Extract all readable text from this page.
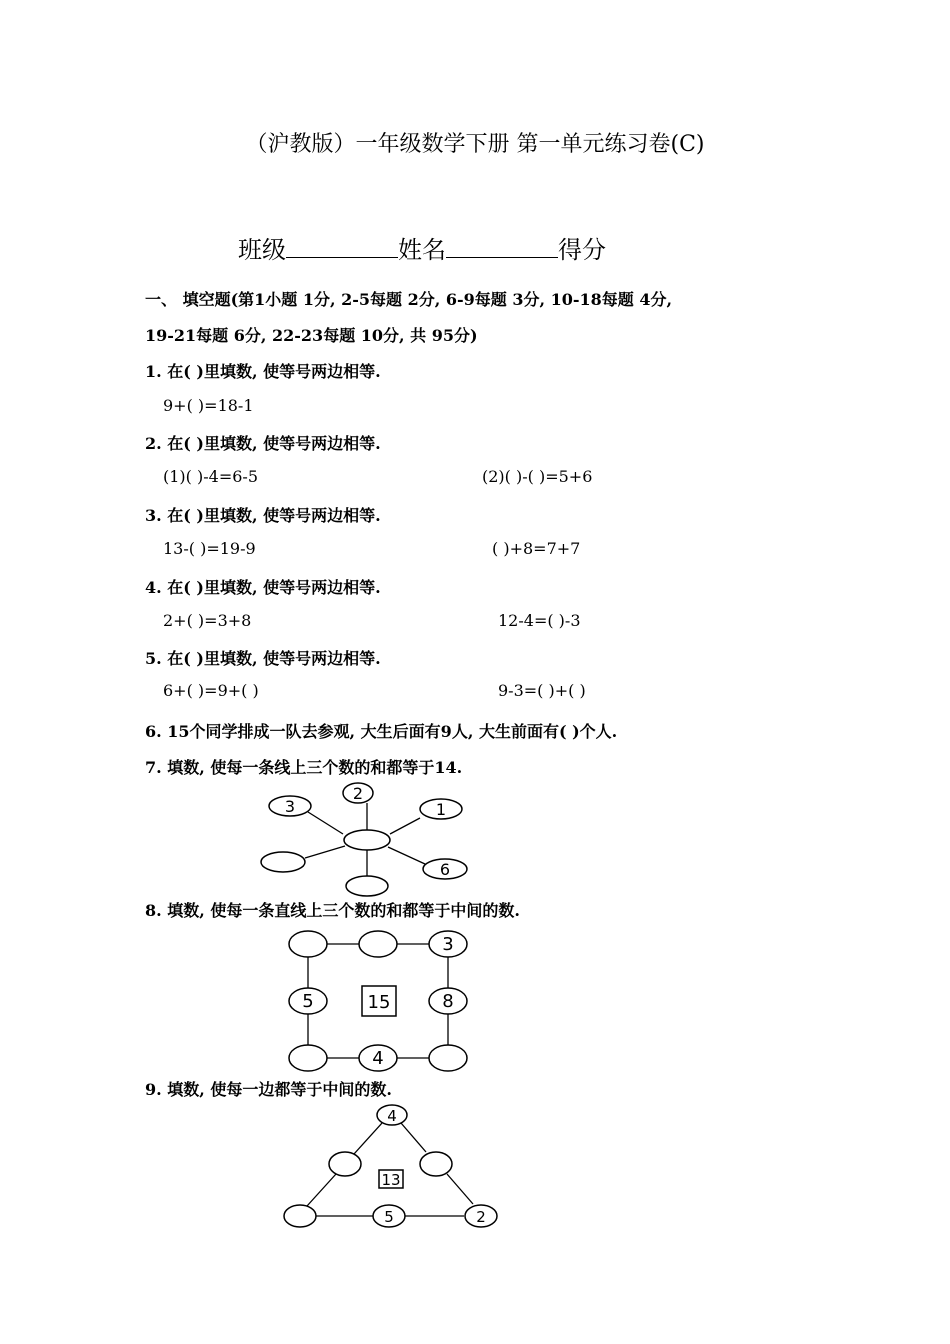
（沪教版）一年级数学下册 第一单元练习卷(C)
班级	姓名	得分
一、 填空题(第1小题 1分, 2-5每题 2分, 6-9每题 3分, 10-18每题 4分,
19-21每题 6分, 22-23每题 10分, 共 95分)
1. 在( )里填数, 使等号两边相等.
9+( )=18-1
2. 在( )里填数, 使等号两边相等.
(1)( )-4=6-5	(2)( )-( )=5+6
3. 在( )里填数, 使等号两边相等.
13-( )=19-9	( )+8=7+7
4. 在( )里填数, 使等号两边相等.
2+( )=3+8	12-4=( )-3
5. 在( )里填数, 使等号两边相等.
6+( )=9+( )	9-3=( )+( )
6. 15个同学排成一队去参观, 大生后面有9人, 大生前面有( )个人.
7. 填数, 使每一条线上三个数的和都等于14.
3
2
1
6
8. 填数, 使每一条直线上三个数的和都等于中间的数.
3
5	8
4
15
9. 填数, 使每一边都等于中间的数.
4
5	2
13
